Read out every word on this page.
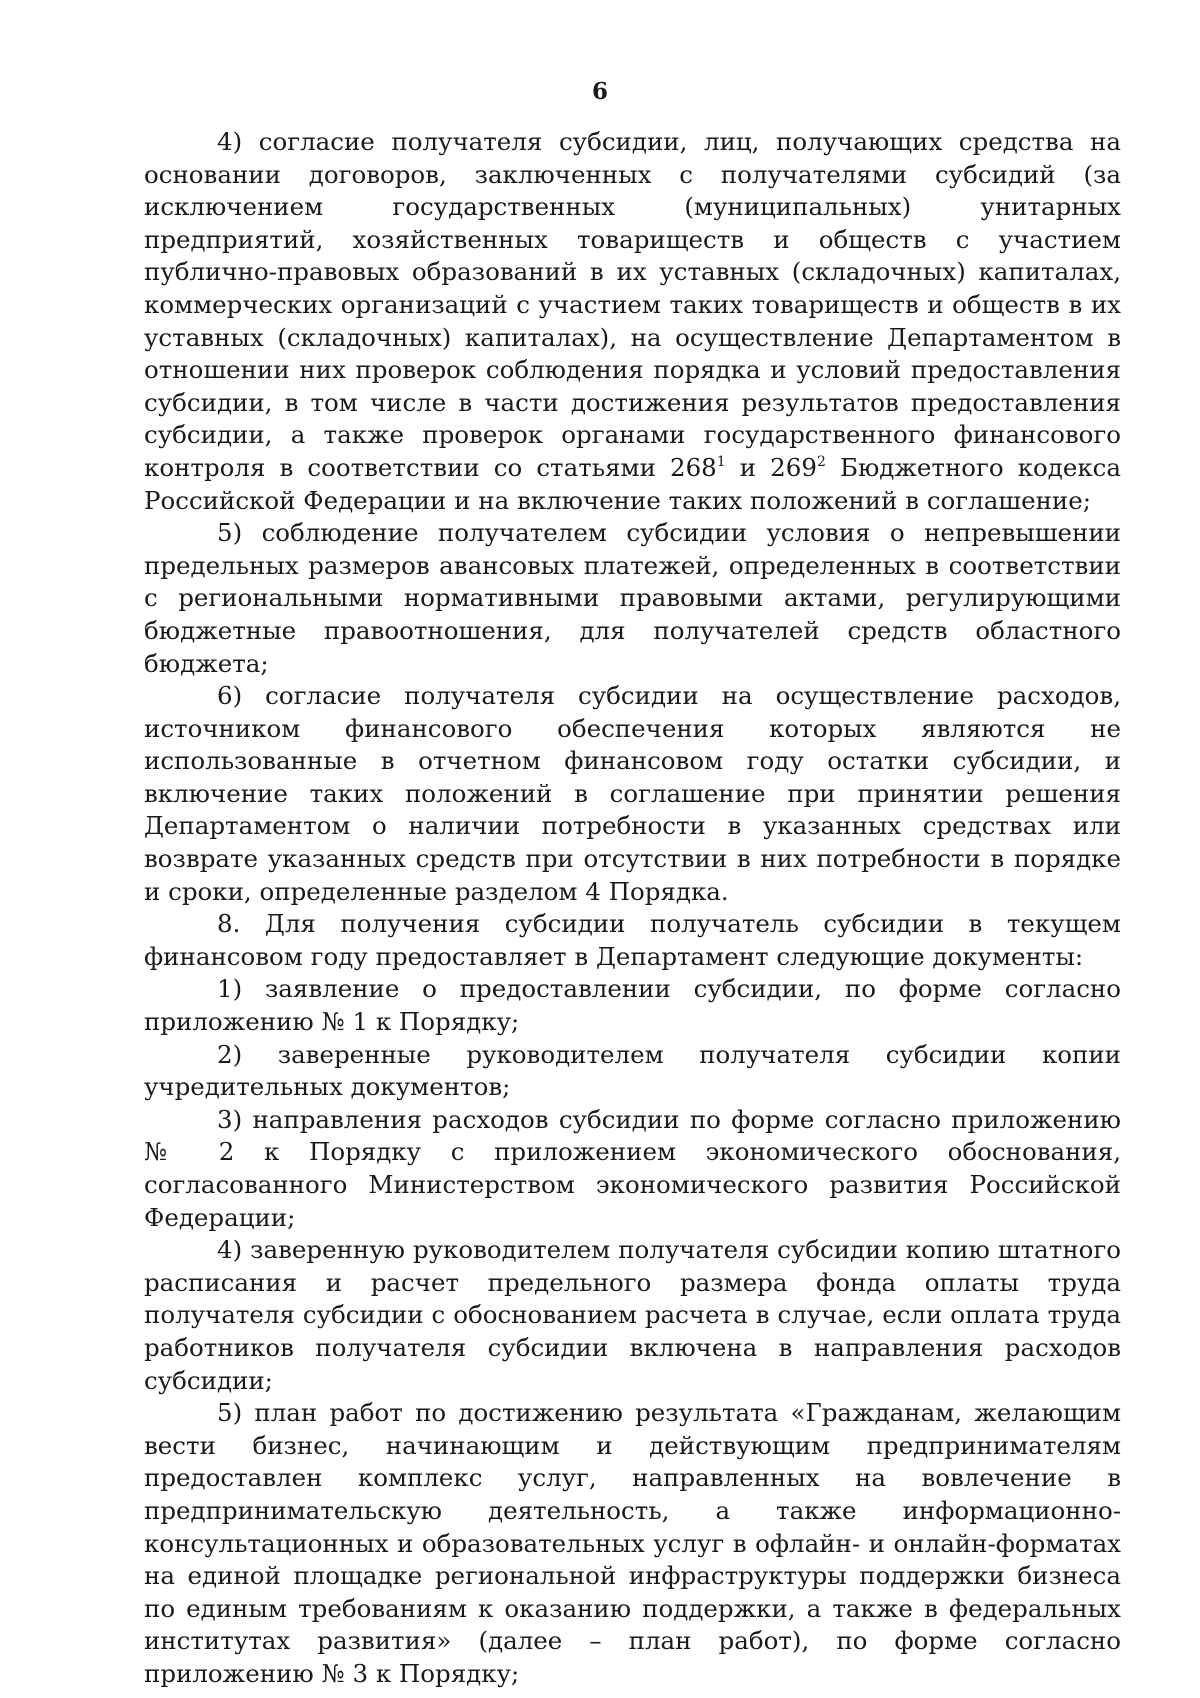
6

4) согласие получателя субсидии, лиц, получающих средства на основании договоров, заключенных с получателями субсидий (за исключением государственных (муниципальных) унитарных предприятий, хозяйственных товариществ и обществ с участием публично-правовых образований в их уставных (складочных) капиталах, коммерческих организаций с участием таких товариществ и обществ в их уставных (складочных) капиталах), на осуществление Департаментом в отношении них проверок соблюдения порядка и условий предоставления субсидии, в том числе в части достижения результатов предоставления субсидии, а также проверок органами государственного финансового контроля в соответствии со статьями $268^1$ и $269^2$ Бюджетного кодекса Российской Федерации и на включение таких положений в соглашение;

5) соблюдение получателем субсидии условия о непревышении предельных размеров авансовых платежей, определенных в соответствии с региональными нормативными правовыми актами, регулирующими бюджетные правоотношения, для получателей средств областного бюджета;

6) согласие получателя субсидии на осуществление расходов, источником финансового обеспечения которых являются не использованные в отчетном финансовом году остатки субсидии, и включение таких положений в соглашение при принятии решения Департаментом о наличии потребности в указанных средствах или возврате указанных средств при отсутствии в них потребности в порядке и сроки, определенные разделом 4 Порядка.

8. Для получения субсидии получатель субсидии в текущем финансовом году предоставляет в Департамент следующие документы:

1) заявление о предоставлении субсидии, по форме согласно приложению № 1 к Порядку;

2) заверенные руководителем получателя субсидии копии учредительных документов;

3) направления расходов субсидии по форме согласно приложению № 2 к Порядку с приложением экономического обоснования, согласованного Министерством экономического развития Российской Федерации;

4) заверенную руководителем получателя субсидии копию штатного расписания и расчет предельного размера фонда оплаты труда получателя субсидии с обоснованием расчета в случае, если оплата труда работников получателя субсидии включена в направления расходов субсидии;

5) план работ по достижению результата «Гражданам, желающим вести бизнес, начинающим и действующим предпринимателям предоставлен комплекс услуг, направленных на вовлечение в предпринимательскую деятельность, а также информационно-консультационных и образовательных услуг в офлайн- и онлайн-форматах на единой площадке региональной инфраструктуры поддержки бизнеса по единым требованиям к оказанию поддержки, а также в федеральных институтах развития» (далее – план работ), по форме согласно приложению № 3 к Порядку;
